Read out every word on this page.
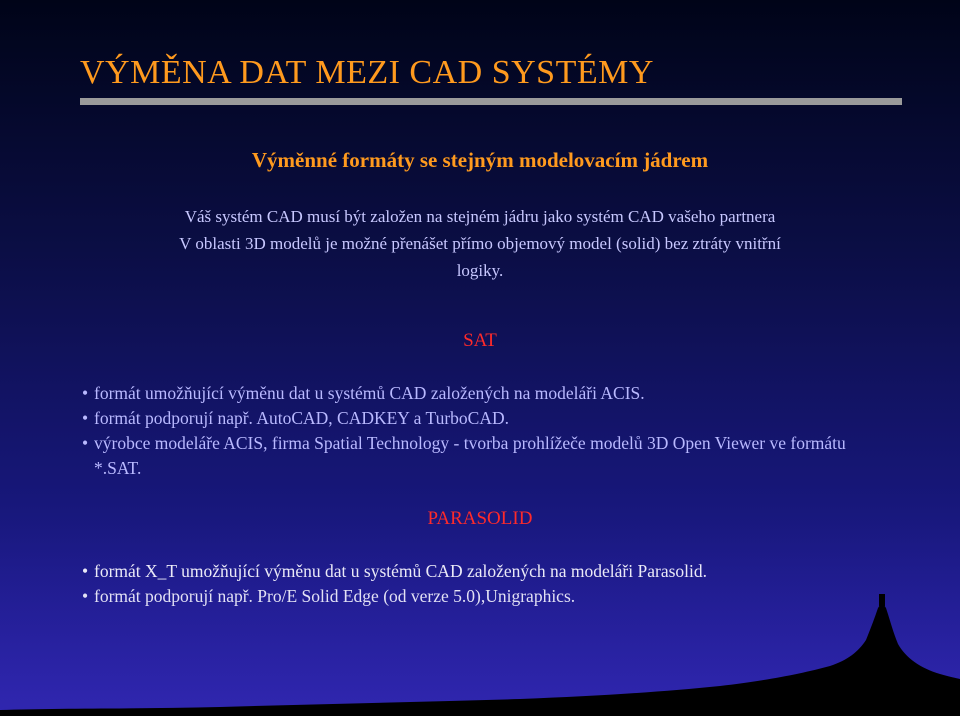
VÝMĚNA DAT MEZI CAD SYSTÉMY
Výměnné formáty se stejným modelovacím jádrem
Váš systém CAD musí být založen na stejném jádru jako systém CAD vašeho partnera
V oblasti 3D modelů je možné přenášet přímo objemový model (solid) bez ztráty vnitřní
logiky.
SAT
• formát umožňující výměnu dat u systémů CAD založených na modeláři ACIS.
• formát podporují např. AutoCAD, CADKEY a TurboCAD.
• výrobce modeláře ACIS, firma Spatial Technology - tvorba prohlížeče modelů 3D Open Viewer ve formátu *.SAT.
